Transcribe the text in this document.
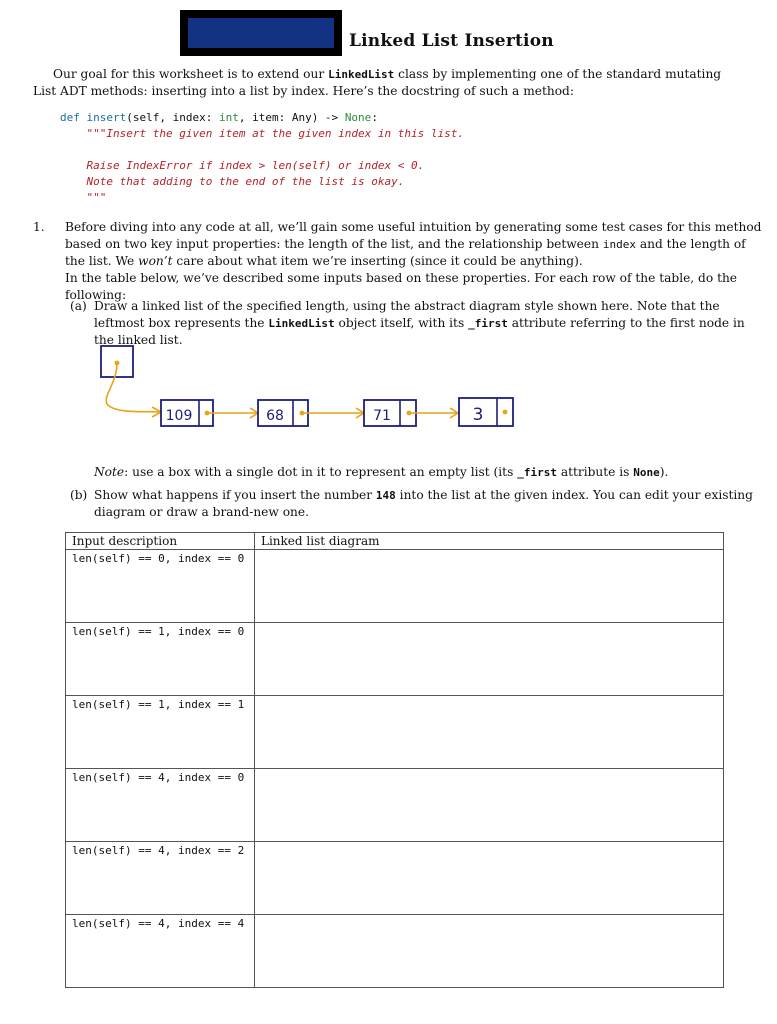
Linked List Insertion
Our goal for this worksheet is to extend our LinkedList class by implementing one of the standard mutating List ADT methods: inserting into a list by index. Here’s the docstring of such a method:
def insert(self, index: int, item: Any) -> None:
"""Insert the given item at the given index in this list.

Raise IndexError if index > len(self) or index < 0.
Note that adding to the end of the list is okay.
"""
1. Before diving into any code at all, we’ll gain some useful intuition by generating some test cases for this method based on two key input properties: the length of the list, and the relationship between index and the length of the list. We won’t care about what item we’re inserting (since it could be anything).
In the table below, we’ve described some inputs based on these properties. For each row of the table, do the following:
(a) Draw a linked list of the specified length, using the abstract diagram style shown here. Note that the leftmost box represents the LinkedList object itself, with its _first attribute referring to the first node in the linked list.
109	68	71	3
Note: use a box with a single dot in it to represent an empty list (its _first attribute is None).
(b) Show what happens if you insert the number 148 into the list at the given index. You can edit your existing diagram or draw a brand-new one.
Input description	Linked list diagram
len(self) == 0, index == 0	
len(self) == 1, index == 0	
len(self) == 1, index == 1	
len(self) == 4, index == 0	
len(self) == 4, index == 2	
len(self) == 4, index == 4	
